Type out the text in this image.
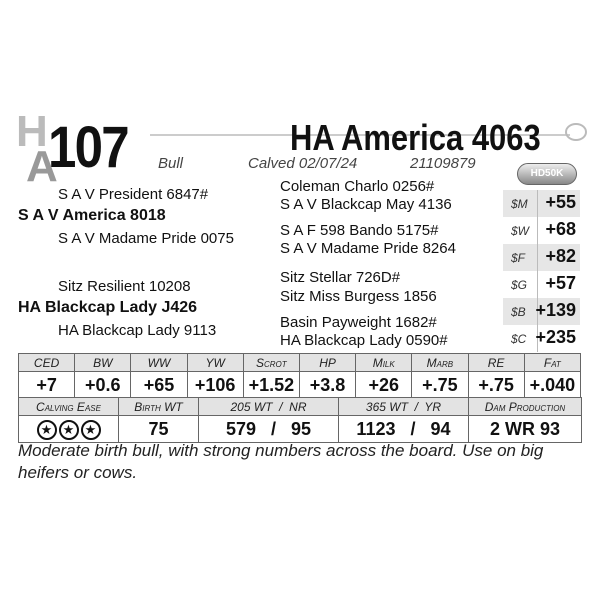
H
A
107	HA America 4063
Bull	Calved 02/07/24	21109879
HD50K
S A V President 6847#
S A V America 8018
S A V Madame Pride 0075
Sitz Resilient 10208
HA Blackcap Lady J426
HA Blackcap Lady 9113
Coleman Charlo 0256#
S A V Blackcap May 4136
S A F 598 Bando 5175#
S A V Madame Pride 8264
Sitz Stellar 726D#
Sitz Miss Burgess 1856
Basin Payweight 1682#
HA Blackcap Lady 0590#
$M +55
$W +68
$F +82
$G +57
$B +139
$C +235
CED	BW	WW	YW	Scrot	HP	Milk	Marb	RE	Fat
+7	+0.6	+65	+106	+1.52	+3.8	+26	+.75	+.75	+.040
Calving Ease	Birth WT	205 WT  /  NR	365 WT  /  YR	Dam Production
★★★	75	579 / 95	1123 / 94	2 WR 93
Moderate birth bull, with strong numbers across the board. Use on big heifers or cows.
